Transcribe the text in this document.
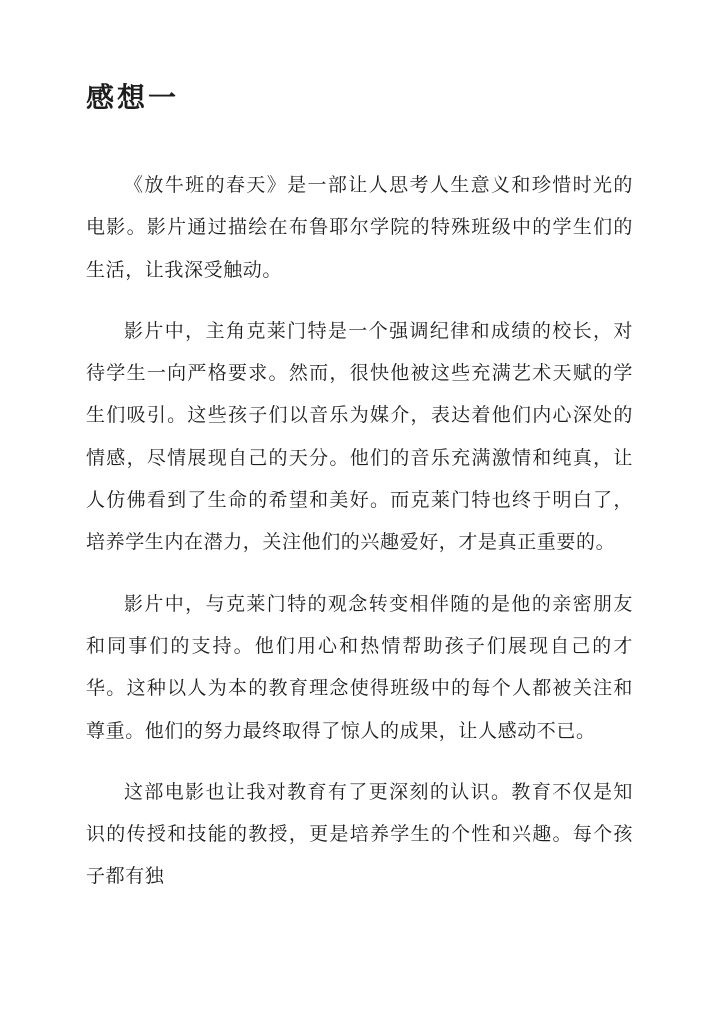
感想一

《放牛班的春天》是一部让人思考人生意义和珍惜时光的电影。影片通过描绘在布鲁耶尔学院的特殊班级中的学生们的生活，让我深受触动。

影片中，主角克莱门特是一个强调纪律和成绩的校长，对待学生一向严格要求。然而，很快他被这些充满艺术天赋的学生们吸引。这些孩子们以音乐为媒介，表达着他们内心深处的情感，尽情展现自己的天分。他们的音乐充满激情和纯真，让人仿佛看到了生命的希望和美好。而克莱门特也终于明白了，培养学生内在潜力，关注他们的兴趣爱好，才是真正重要的。

影片中，与克莱门特的观念转变相伴随的是他的亲密朋友和同事们的支持。他们用心和热情帮助孩子们展现自己的才华。这种以人为本的教育理念使得班级中的每个人都被关注和尊重。他们的努力最终取得了惊人的成果，让人感动不已。

这部电影也让我对教育有了更深刻的认识。教育不仅是知识的传授和技能的教授，更是培养学生的个性和兴趣。每个孩子都有独
